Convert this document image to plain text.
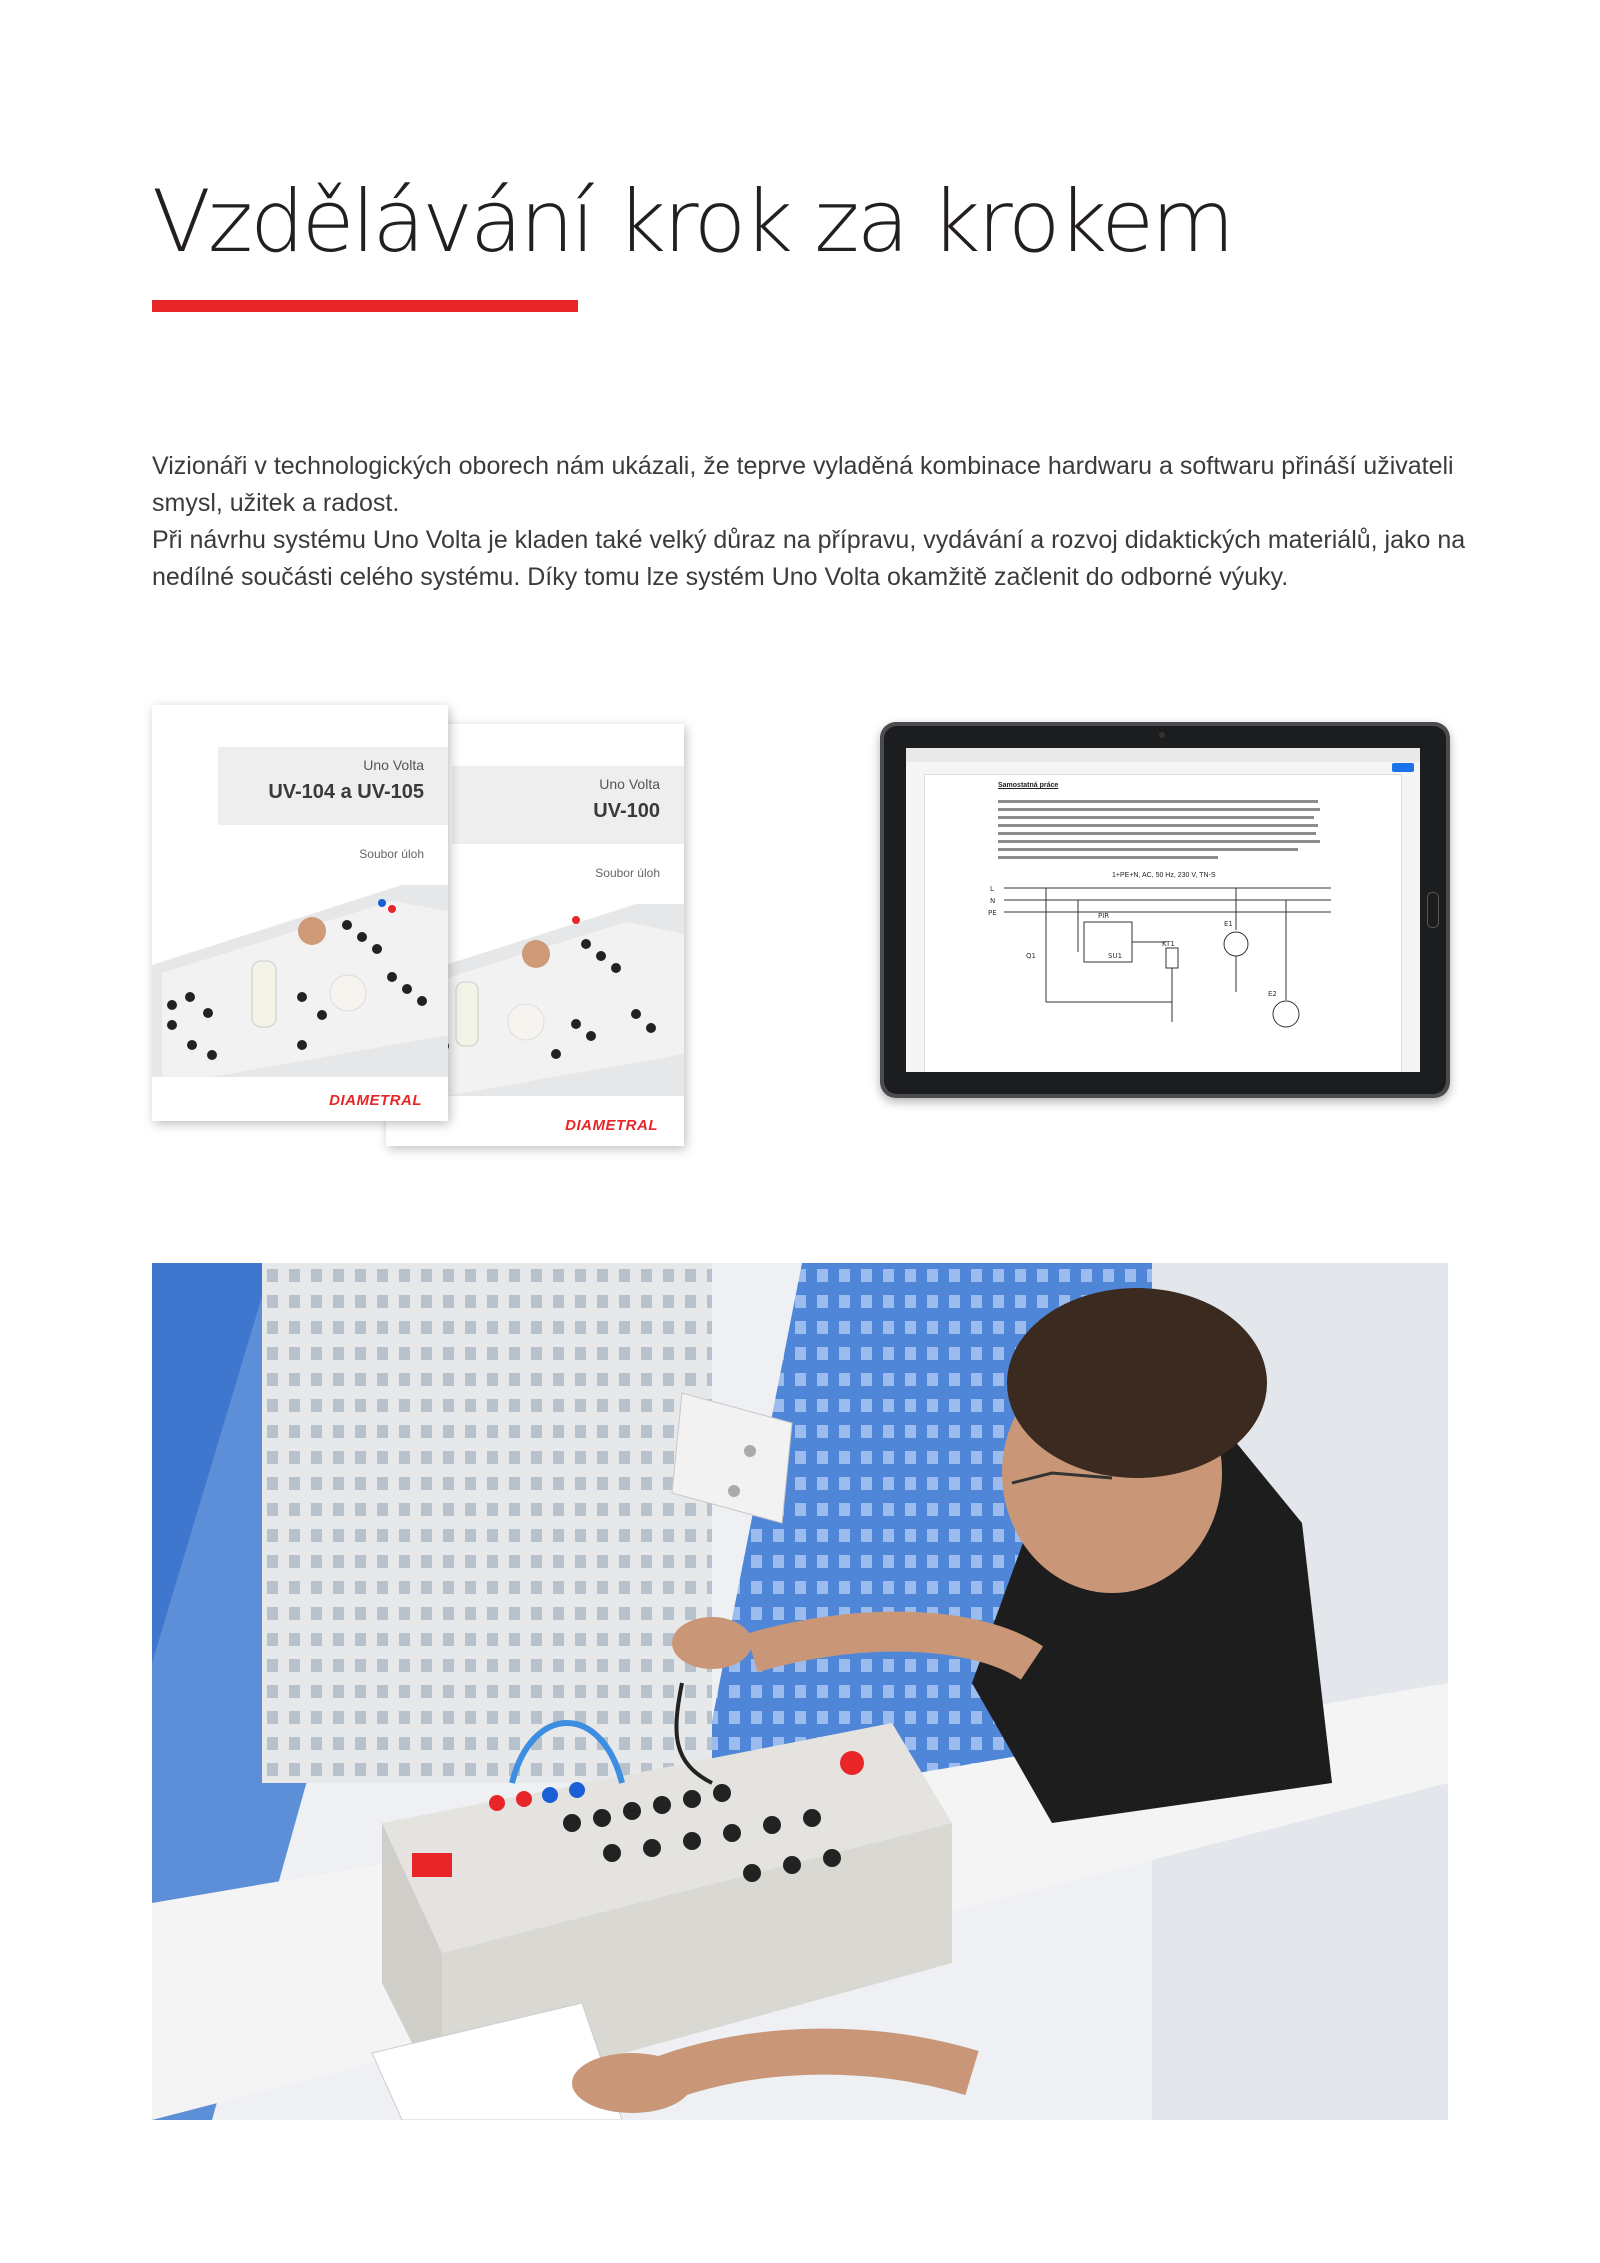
Vzdělávání krok za krokem

Vizionáři v technologických oborech nám ukázali, že teprve vyladěná kombinace hardwaru a softwaru přináší uživateli smysl, užitek a radost.

Při návrhu systému Uno Volta je kladen také velký důraz na přípravu, vydávání a rozvoj didaktických materiálů, jako na nedílné součásti celého systému. Díky tomu lze systém Uno Volta okamžitě začlenit do odborné výuky.

Uno Volta
UV-100
Soubor úloh
DIAMETRAL
Uno Volta
UV-104 a UV-105
Soubor úloh
DIAMETRAL
Samostatná práce
1+PE+N, AC, 50 Hz, 230 V, TN-S
L
N
PE	PIR
Q1	SU1
KT1
E1
E2
